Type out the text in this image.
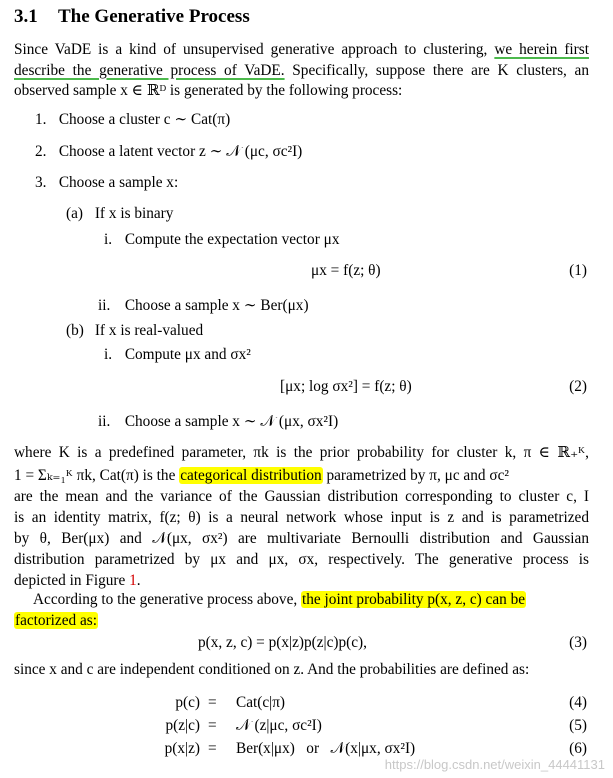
3.1 The Generative Process
Since VaDE is a kind of unsupervised generative approach to clustering, we herein first describe the generative process of VaDE. Specifically, suppose there are K clusters, an observed sample x ∈ ℝᴰ is generated by the following process:
1. Choose a cluster c ∼ Cat(π)
2. Choose a latent vector z ∼ 𝒩 (μc, σc²I)
3. Choose a sample x:
(a) If x is binary
i. Compute the expectation vector μx
μx = f(z; θ)	(1)
ii. Choose a sample x ∼ Ber(μx)
(b) If x is real-valued
i. Compute μx and σx²
[μx; log σx²] = f(z; θ)	(2)
ii. Choose a sample x ∼ 𝒩 (μx, σx²I)
where K is a predefined parameter, πk is the prior probability for cluster k, π ∈ ℝ₊ᴷ,
1 = Σₖ₌₁ᴷ πk, Cat(π) is the categorical distribution parametrized by π, μc and σc²
are the mean and the variance of the Gaussian distribution corresponding to cluster c, I
is an identity matrix, f(z; θ) is a neural network whose input is z and is parametrized
by θ, Ber(μx) and 𝒩(μx, σx²) are multivariate Bernoulli distribution and Gaussian
distribution parametrized by μx and μx, σx, respectively. The generative process is
depicted in Figure 1.
According to the generative process above, the joint probability p(x, z, c) can be
factorized as:
p(x, z, c) = p(x|z)p(z|c)p(c),	(3)
since x and c are independent conditioned on z. And the probabilities are defined as:
p(c) = Cat(c|π)	(4)
p(z|c) = 𝒩 (z|μc, σc²I)	(5)
p(x|z) = Ber(x|μx)   or   𝒩(x|μx, σx²I)	(6)
https://blog.csdn.net/weixin_44441131
